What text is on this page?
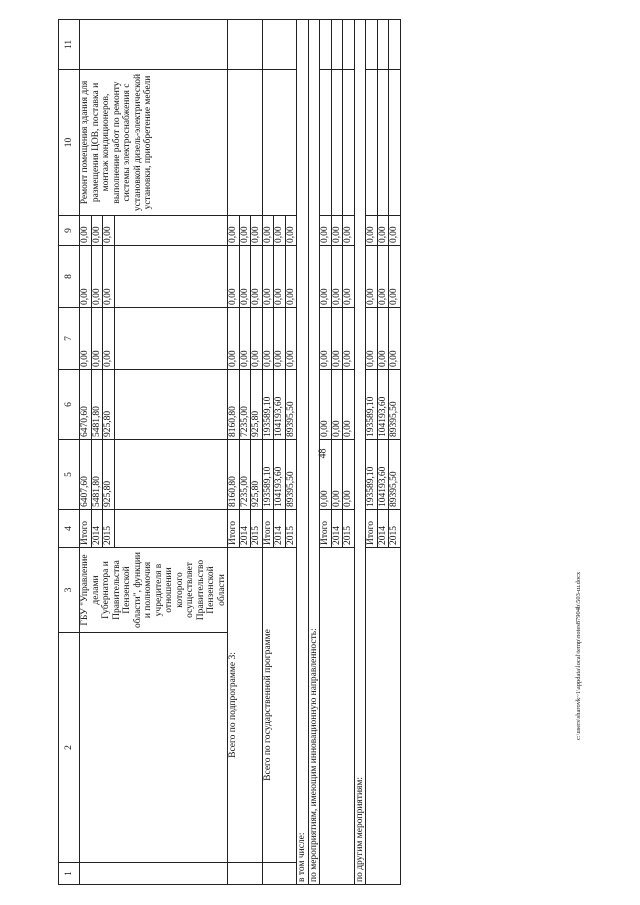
48
1	2	3	4	5	6	7	8	9	10	11
		ГБУ "Управление делами Губернатора и Правительства Пензенской области", функции и полномочия учредителя в отношении которого осуществляет Правительство Пензенской области	Итого	6407,60	6470,60	0,00	0,00	0,00	Ремонт помещения здания для размещения ЦОВ, поставка и монтаж кондиционеров, выполнение работ по ремонту системы электроснабжения с установкой дизель-электрической установки, приобретение мебели	
			2014	5481,80	5481,80	0,00	0,00	0,00		
			2015	925,80	925,80	0,00	0,00	0,00		

	Всего по подпрограмме 3:		Итого	8160,80	8160,80	0,00	0,00	0,00		
			2014	7235,00	7235,00	0,00	0,00	0,00		
			2015	925,80	925,80	0,00	0,00	0,00		
	Всего по государственной программе		Итого	193589,10	193589,10	0,00	0,00	0,00		
			2014	104193,60	104193,60	0,00	0,00	0,00		
			2015	89395,50	89395,50	0,00	0,00	0,00		
в том числе:										
по мероприятиям, имеющим инновационную направленность:										
			Итого	0,00	0,00	0,00	0,00	0,00		
			2014	0,00	0,00	0,00	0,00	0,00		
			2015	0,00	0,00	0,00	0,00	0,00		
по другим мероприятиям:										
			Итого	193589,10	193589,10	0,00	0,00	0,00		
			2014	104193,60	104193,60	0,00	0,00	0,00		
			2015	89395,50	89395,50	0,00	0,00	0,00		
c:\users\sharovk~1\appdata\local\temp\notes87904b\503-ш.docx
